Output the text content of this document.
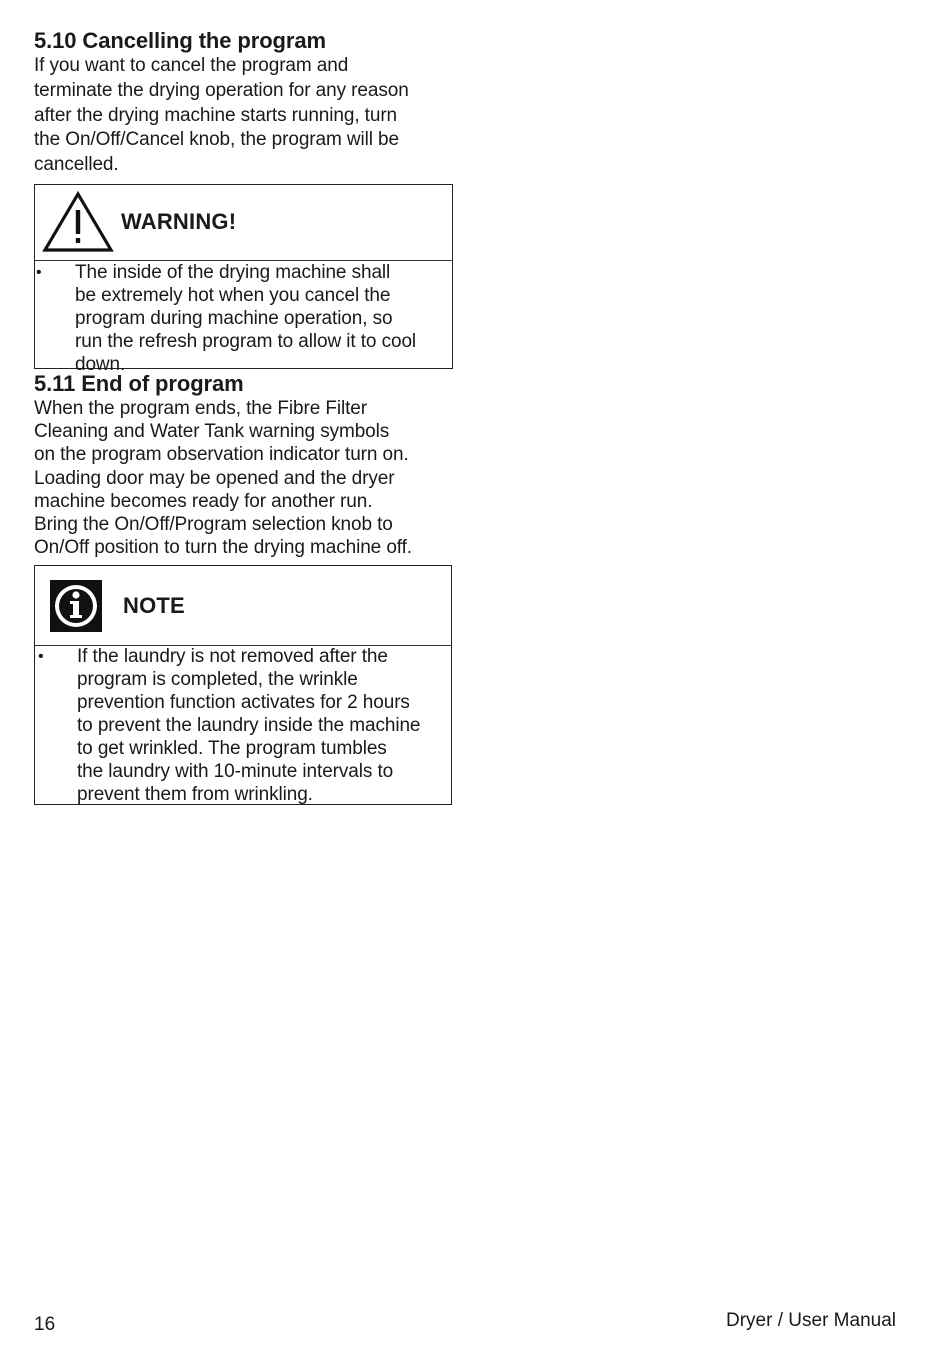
5.10 Cancelling the program

If you want to cancel the program and
terminate the drying operation for any reason
after the drying machine starts running, turn
the On/Off/Cancel knob, the program will be
cancelled.

WARNING!
• The inside of the drying machine shall
be extremely hot when you cancel the
program during machine operation, so
run the refresh program to allow it to cool
down.
5.11 End of program

When the program ends, the Fibre Filter
Cleaning and Water Tank warning symbols
on the program observation indicator turn on.
Loading door may be opened and the dryer
machine becomes ready for another run.
Bring the On/Off/Program selection knob to
On/Off position to turn the drying machine off.

NOTE
• If the laundry is not removed after the
program is completed, the wrinkle
prevention function activates for 2 hours
to prevent the laundry inside the machine
to get wrinkled. The program tumbles
the laundry with 10-minute intervals to
prevent them from wrinkling.
16	Dryer / User Manual
